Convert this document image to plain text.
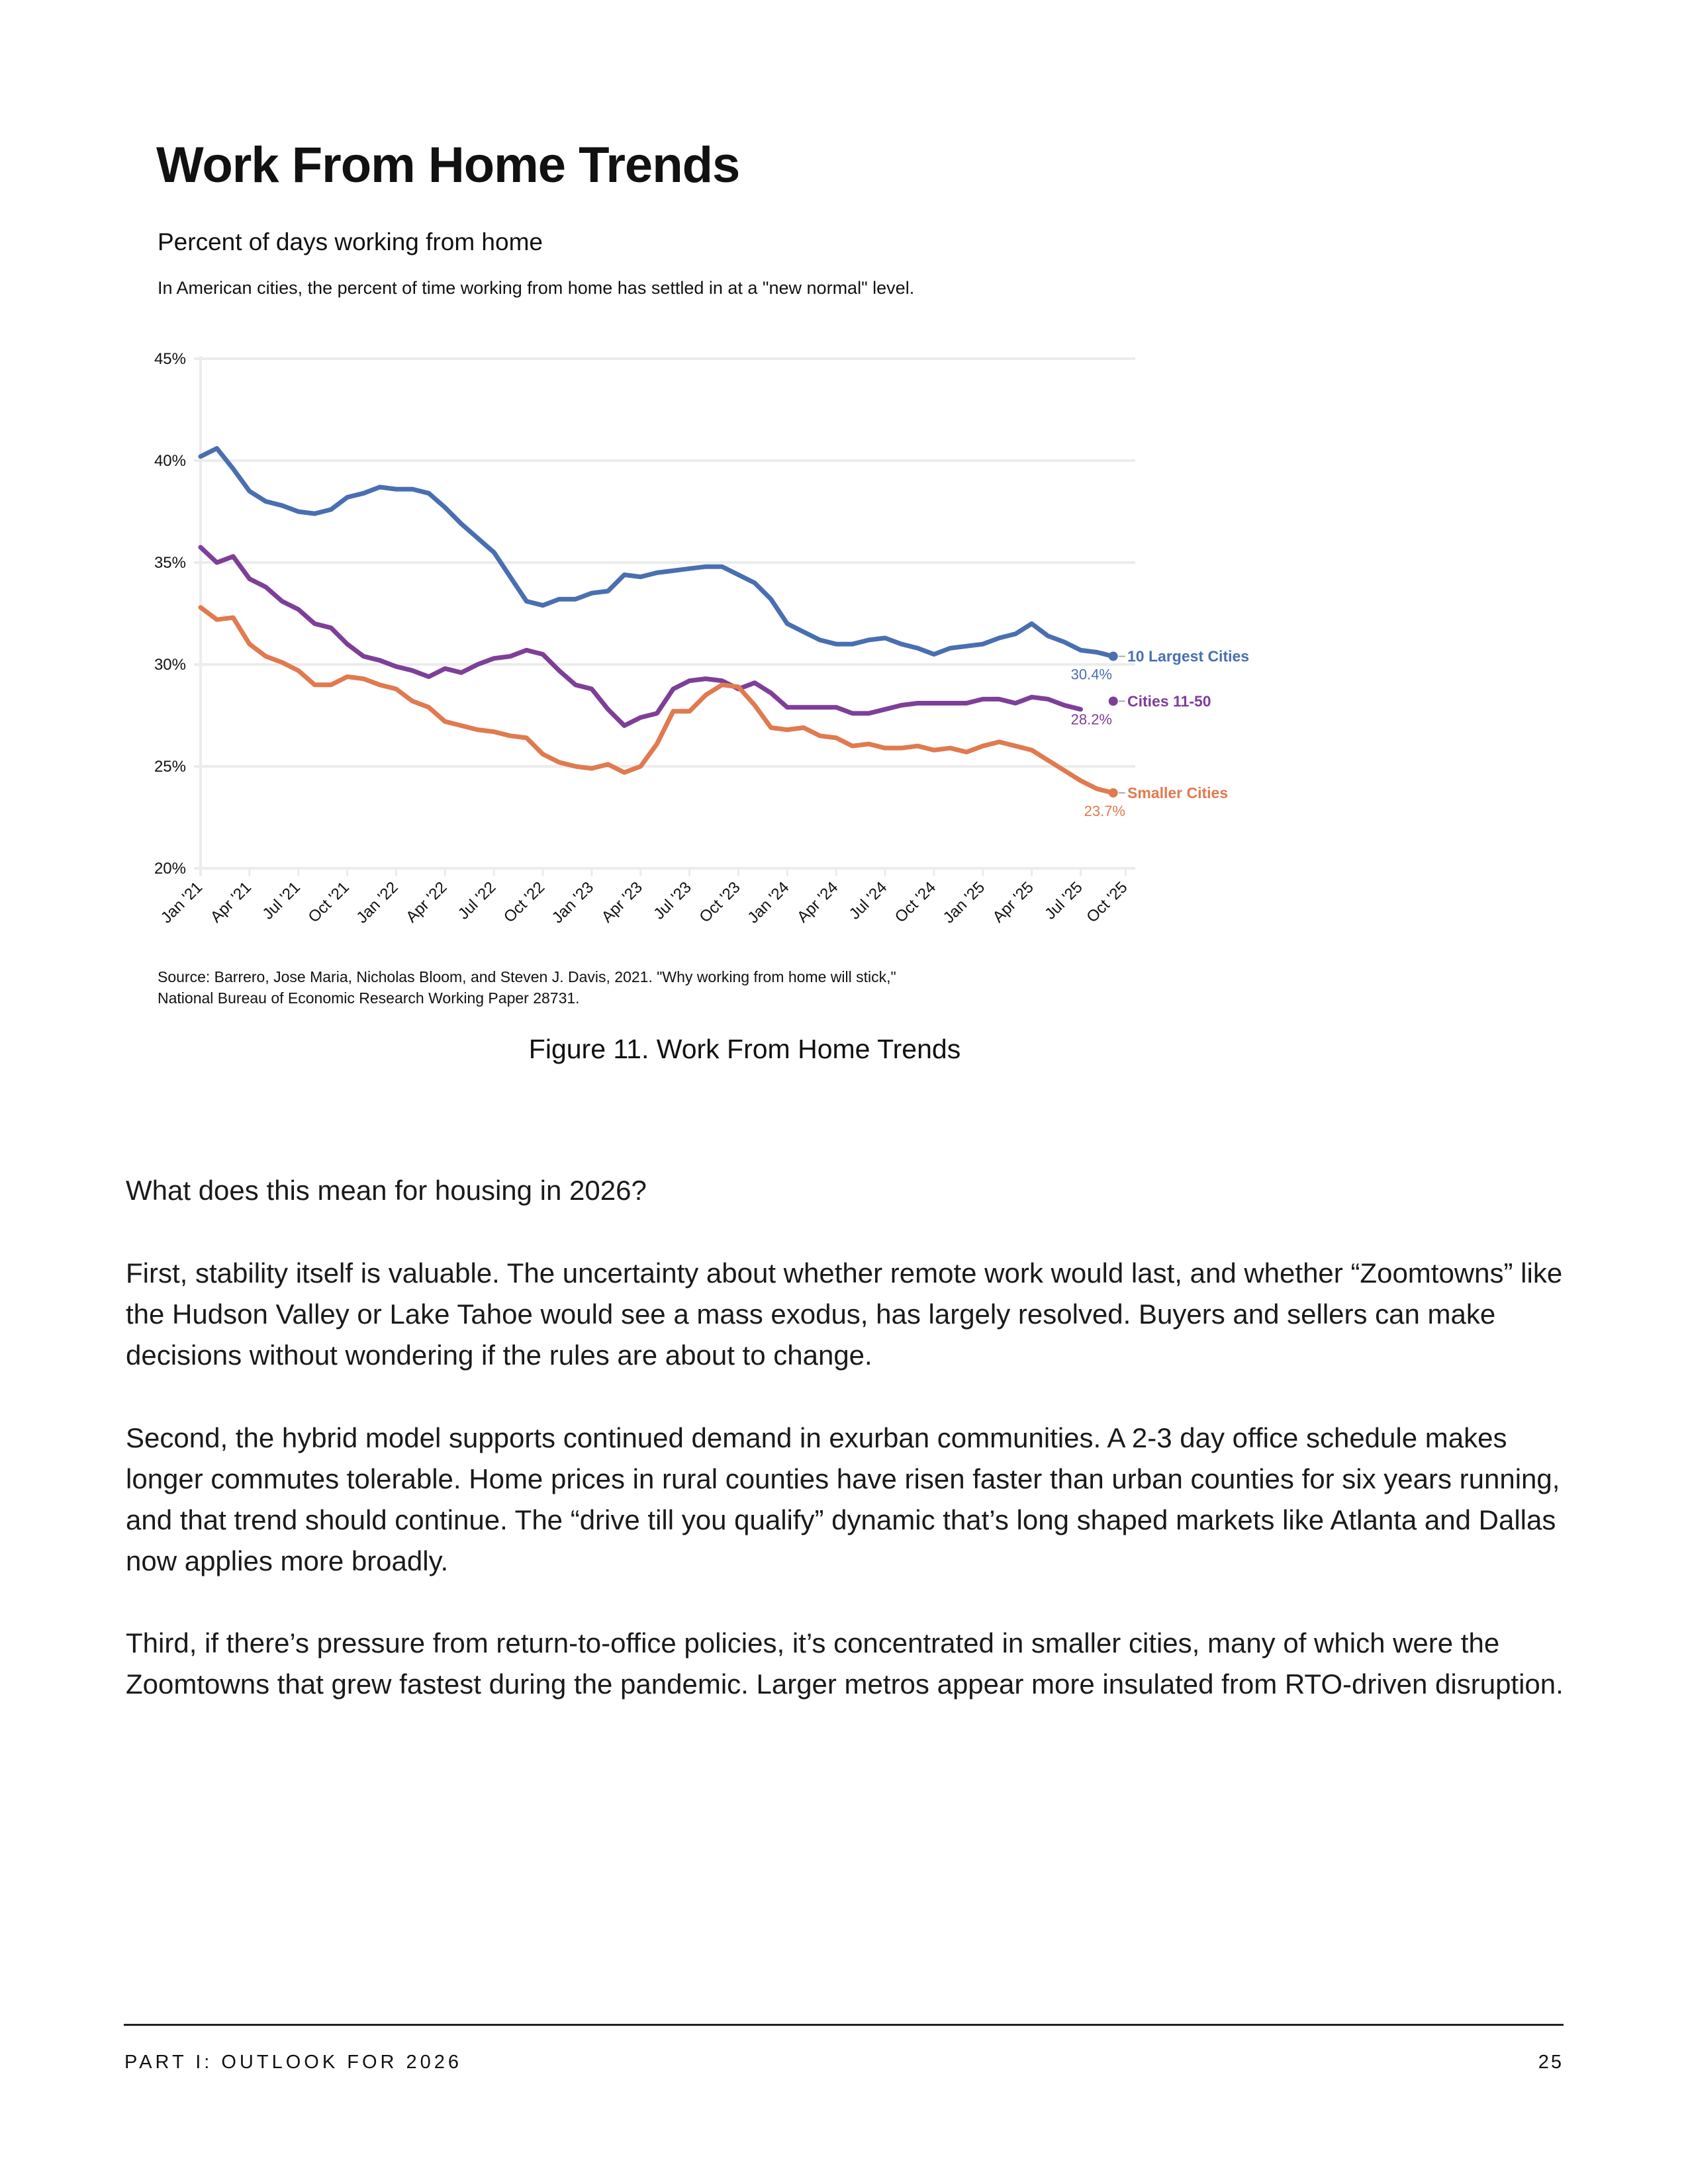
Work From Home Trends
Percent of days working from home
In American cities, the percent of time working from home has settled in at a "new normal" level.
20%
25%
30%
35%
40%
45%
Jan '21 Apr '21 Jul '21 Oct '21 Jan '22 Apr '22 Jul '22 Oct '22 Jan '23 Apr '23 Jul '23 Oct '23 Jan '24 Apr '24 Jul '24 Oct '24 Jan '25 Apr '25 Jul '25
Oct '25
10 Largest Cities
30.4%
Cities 11-50
28.2%
Smaller Cities
23.7%
Source: Barrero, Jose Maria, Nicholas Bloom, and Steven J. Davis, 2021. "Why working from home will stick,"
National Bureau of Economic Research Working Paper 28731.
Figure 11. Work From Home Trends

What does this mean for housing in 2026?

First, stability itself is valuable. The uncertainty about whether remote work would last, and whether “Zoomtowns” like the Hudson Valley or Lake Tahoe would see a mass exodus, has largely resolved. Buyers and sellers can make decisions without wondering if the rules are about to change.

Second, the hybrid model supports continued demand in exurban communities. A 2-3 day office schedule makes longer commutes tolerable. Home prices in rural counties have risen faster than urban counties for six years running, and that trend should continue. The “drive till you qualify” dynamic that’s long shaped markets like Atlanta and Dallas now applies more broadly.

Third, if there’s pressure from return-to-office policies, it’s concentrated in smaller cities, many of which were the Zoomtowns that grew fastest during the pandemic. Larger metros appear more insulated from RTO-driven disruption.

PART I: OUTLOOK FOR 2026	25
